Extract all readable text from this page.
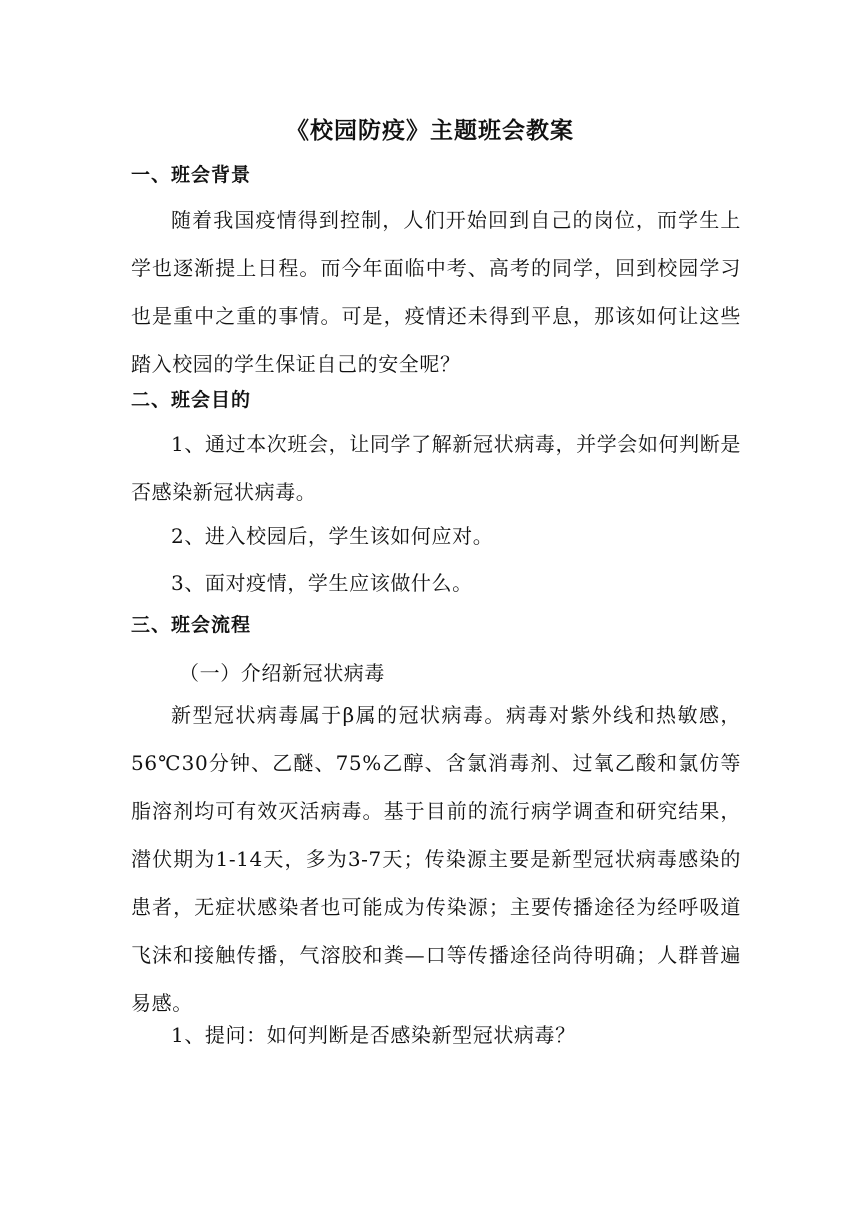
《校园防疫》主题班会教案
一、班会背景
随着我国疫情得到控制，人们开始回到自己的岗位，而学生上学也逐渐提上日程。而今年面临中考、高考的同学，回到校园学习也是重中之重的事情。可是，疫情还未得到平息，那该如何让这些踏入校园的学生保证自己的安全呢？
二、班会目的
1、通过本次班会，让同学了解新冠状病毒，并学会如何判断是否感染新冠状病毒。
2、进入校园后，学生该如何应对。
3、面对疫情，学生应该做什么。
三、班会流程
（一）介绍新冠状病毒
新型冠状病毒属于β属的冠状病毒。病毒对紫外线和热敏感，56℃30分钟、乙醚、75%乙醇、含氯消毒剂、过氧乙酸和氯仿等脂溶剂均可有效灭活病毒。基于目前的流行病学调查和研究结果，潜伏期为1-14天，多为3-7天；传染源主要是新型冠状病毒感染的患者，无症状感染者也可能成为传染源；主要传播途径为经呼吸道飞沫和接触传播，气溶胶和粪—口等传播途径尚待明确；人群普遍易感。
1、提问：如何判断是否感染新型冠状病毒？
